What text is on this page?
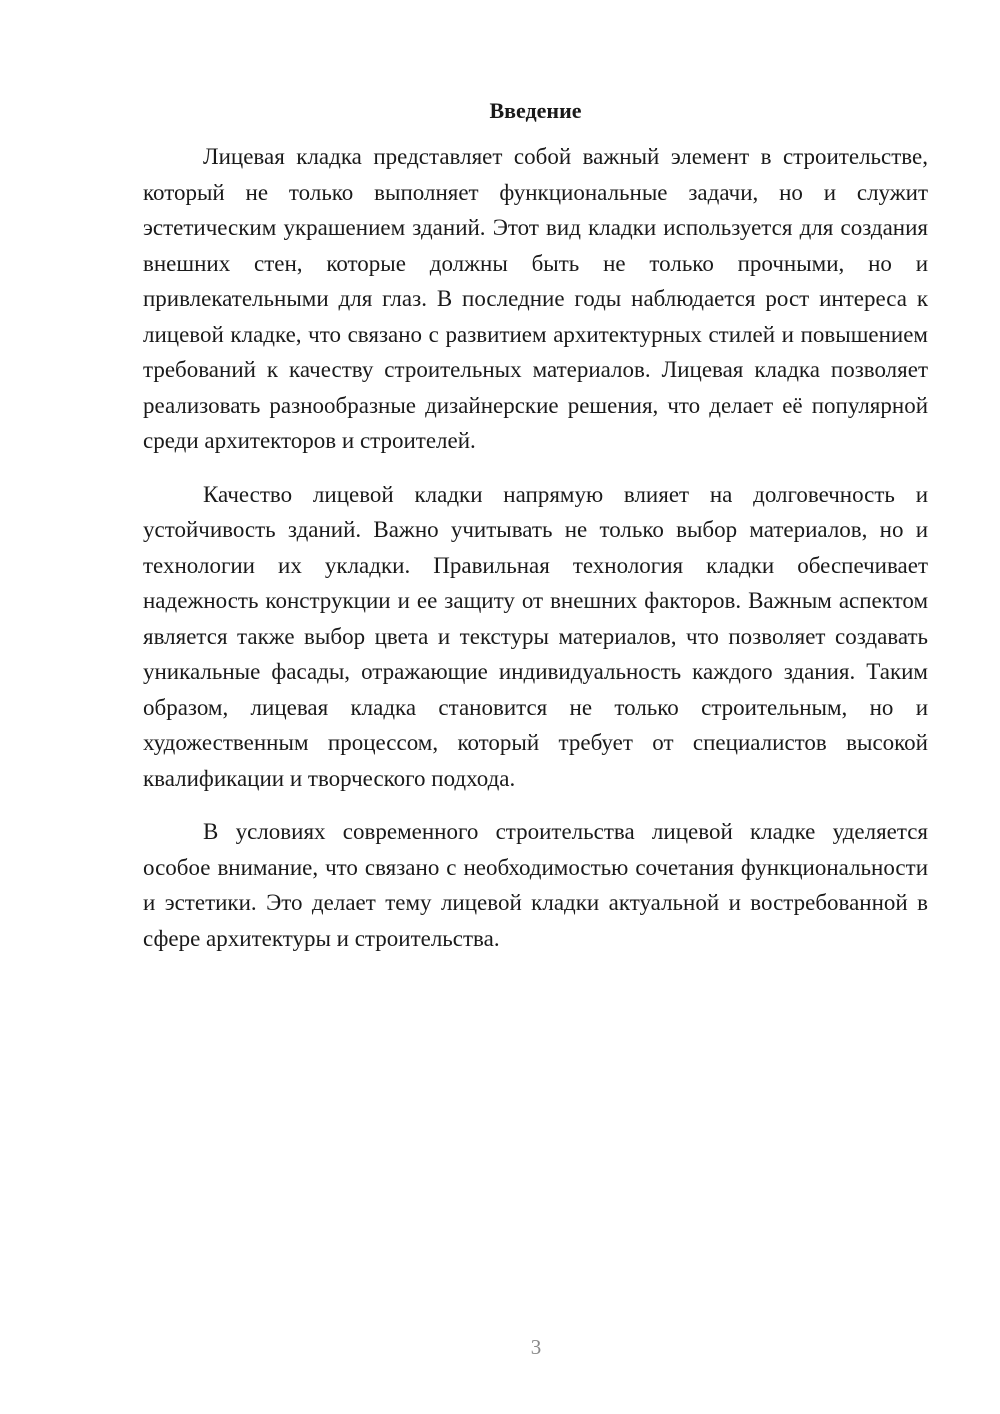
Введение

Лицевая кладка представляет собой важный элемент в строительстве, который не только выполняет функциональные задачи, но и служит эстетическим украшением зданий. Этот вид кладки используется для создания внешних стен, которые должны быть не только прочными, но и привлекательными для глаз. В последние годы наблюдается рост интереса к лицевой кладке, что связано с развитием архитектурных стилей и повышением требований к качеству строительных материалов. Лицевая кладка позволяет реализовать разнообразные дизайнерские решения, что делает её популярной среди архитекторов и строителей.

Качество лицевой кладки напрямую влияет на долговечность и устойчивость зданий. Важно учитывать не только выбор материалов, но и технологии их укладки. Правильная технология кладки обеспечивает надежность конструкции и ее защиту от внешних факторов. Важным аспектом является также выбор цвета и текстуры материалов, что позволяет создавать уникальные фасады, отражающие индивидуальность каждого здания. Таким образом, лицевая кладка становится не только строительным, но и художественным процессом, который требует от специалистов высокой квалификации и творческого подхода.

В условиях современного строительства лицевой кладке уделяется особое внимание, что связано с необходимостью сочетания функциональности и эстетики. Это делает тему лицевой кладки актуальной и востребованной в сфере архитектуры и строительства.

3
